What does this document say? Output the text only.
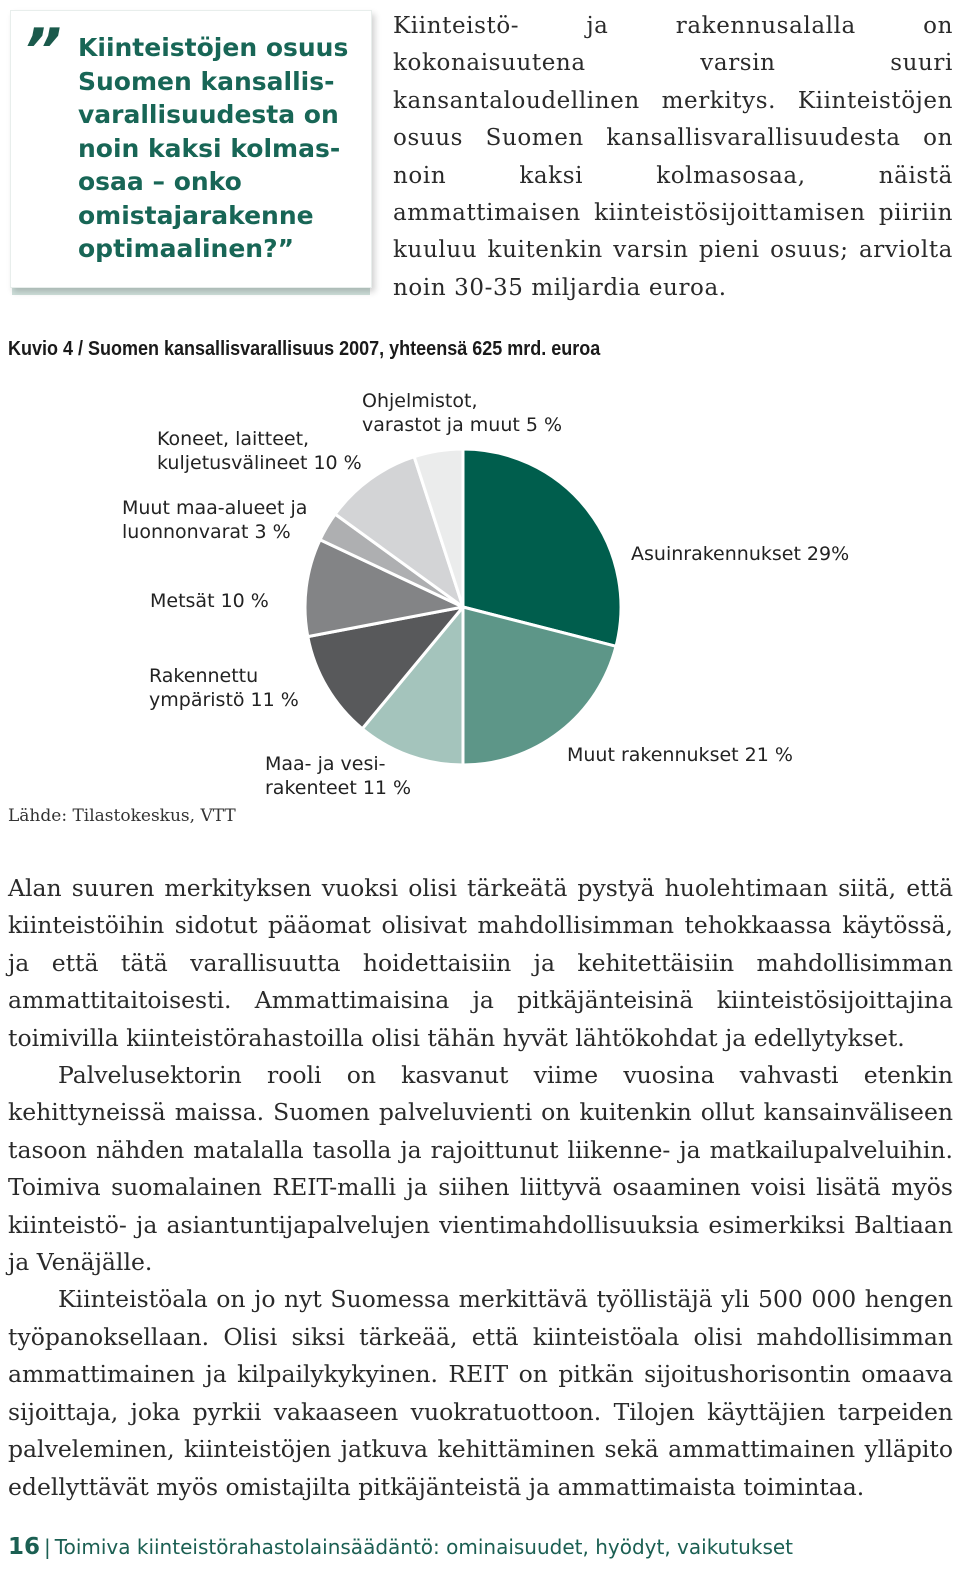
” Kiinteistöjen osuus
Suomen kansallis-
varallisuudesta on
noin kaksi kolmas-
osaa – onko
omistajarakenne
optimaalinen?”
Kiinteistö- ja rakennusalalla on kokonaisuutena varsin suuri kansantaloudellinen merkitys. Kiinteistöjen osuus Suomen kansallisvarallisuudesta on noin kaksi kolmasosaa, näistä ammattimaisen kiinteistösijoittamisen piiriin kuuluu kuitenkin varsin pieni osuus; arviolta noin 30-35 miljardia euroa.
Kuvio 4 / Suomen kansallisvarallisuus 2007, yhteensä 625 mrd. euroa
Ohjelmistot,
varastot ja muut 5 %
Koneet, laitteet,
kuljetusvälineet 10 %
Muut maa-alueet ja
luonnonvarat 3 %
Asuinrakennukset 29%
Metsät 10 %
Rakennettu
ympäristö 11 %
Muut rakennukset 21 %
Maa- ja vesi-
rakenteet 11 %
Lähde: Tilastokeskus, VTT

Alan suuren merkityksen vuoksi olisi tärkeätä pystyä huolehtimaan siitä, että kiinteistöihin sidotut pääomat olisivat mahdollisimman tehokkaassa käytössä, ja että tätä varallisuutta hoidettaisiin ja kehitettäisiin mahdollisimman ammattitaitoisesti. Ammattimaisina ja pitkäjänteisinä kiinteistösijoittajina toimivilla kiinteistörahastoilla olisi tähän hyvät lähtökohdat ja edellytykset.

Palvelusektorin rooli on kasvanut viime vuosina vahvasti etenkin kehittyneissä maissa. Suomen palveluvienti on kuitenkin ollut kansainväliseen tasoon nähden matalalla tasolla ja rajoittunut liikenne- ja matkailupalveluihin. Toimiva suomalainen REIT-malli ja siihen liittyvä osaaminen voisi lisätä myös kiinteistö- ja asiantuntijapalvelujen vientimahdollisuuksia esimerkiksi Baltiaan ja Venäjälle.

Kiinteistöala on jo nyt Suomessa merkittävä työllistäjä yli 500 000 hengen työpanoksellaan. Olisi siksi tärkeää, että kiinteistöala olisi mahdollisimman ammattimainen ja kilpailykykyinen. REIT on pitkän sijoitushorisontin omaava sijoittaja, joka pyrkii vakaaseen vuokratuottoon. Tilojen käyttäjien tarpeiden palveleminen, kiinteistöjen jatkuva kehittäminen sekä ammattimainen ylläpito edellyttävät myös omistajilta pitkäjänteistä ja ammattimaista toimintaa.

16 | Toimiva kiinteistörahastolainsäädäntö: ominaisuudet, hyödyt, vaikutukset
